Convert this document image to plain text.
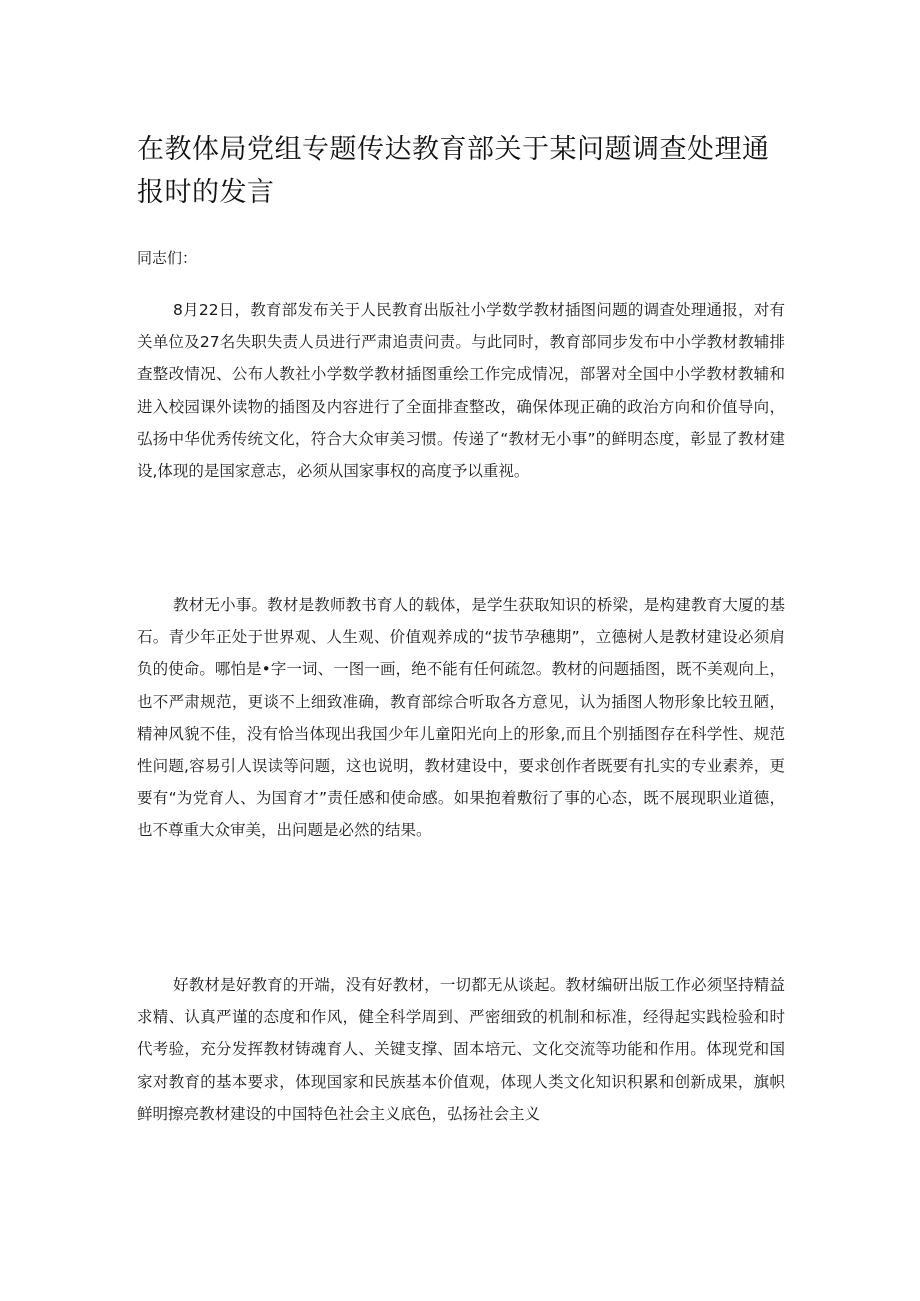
在教体局党组专题传达教育部关于某问题调查处理通报时的发言

同志们：

8月22日，教育部发布关于人民教育出版社小学数学教材插图问题的调查处理通报，对有关单位及27名失职失责人员进行严肃追责问责。与此同时，教育部同步发布中小学教材教辅排查整改情况、公布人教社小学数学教材插图重绘工作完成情况，部署对全国中小学教材教辅和进入校园课外读物的插图及内容进行了全面排查整改，确保体现正确的政治方向和价值导向，弘扬中华优秀传统文化，符合大众审美习惯。传递了“教材无小事”的鲜明态度，彰显了教材建设,体现的是国家意志，必须从国家事权的高度予以重视。

教材无小事。教材是教师教书育人的载体，是学生获取知识的桥梁，是构建教育大厦的基石。青少年正处于世界观、人生观、价值观养成的“拔节孕穗期”，立德树人是教材建设必须肩负的使命。哪怕是•字一词、一图一画，绝不能有任何疏忽。教材的问题插图，既不美观向上，也不严肃规范，更谈不上细致准确，教育部综合听取各方意见，认为插图人物形象比较丑陋，精神风貌不佳，没有恰当体现出我国少年儿童阳光向上的形象,而且个别插图存在科学性、规范性问题,容易引人误读等问题，这也说明，教材建设中，要求创作者既要有扎实的专业素养，更要有“为党育人、为国育才”责任感和使命感。如果抱着敷衍了事的心态，既不展现职业道德，也不尊重大众审美，出问题是必然的结果。

好教材是好教育的开端，没有好教材，一切都无从谈起。教材编研出版工作必须坚持精益求精、认真严谨的态度和作风，健全科学周到、严密细致的机制和标准，经得起实践检验和时代考验，充分发挥教材铸魂育人、关键支撑、固本培元、文化交流等功能和作用。体现党和国家对教育的基本要求，体现国家和民族基本价值观，体现人类文化知识积累和创新成果，旗帜鲜明擦亮教材建设的中国特色社会主义底色，弘扬社会主义
